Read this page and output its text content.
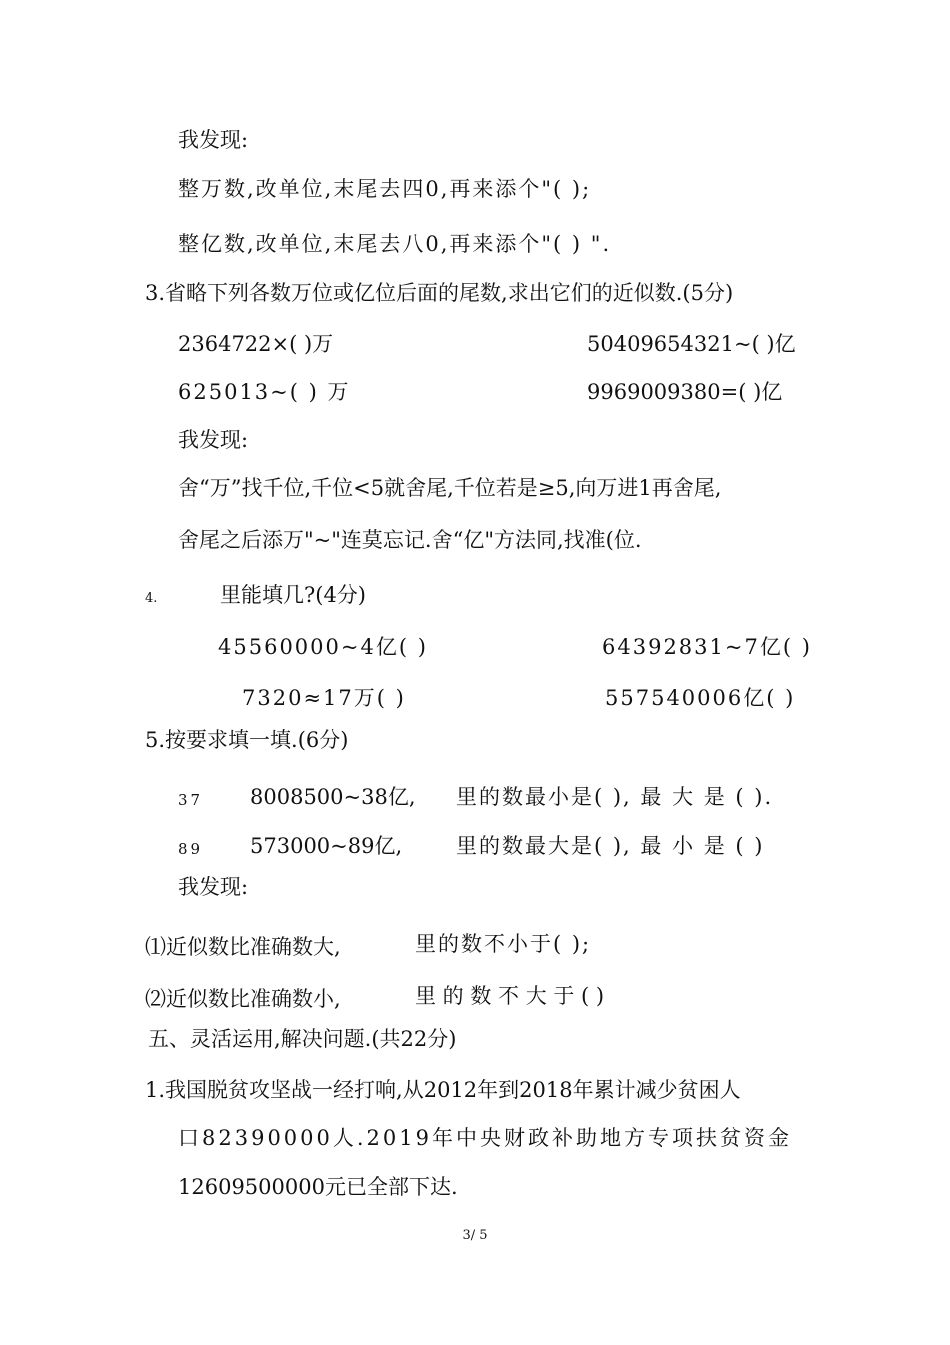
我发现:
整万数,改单位,末尾去四0,再来添个"( );
整亿数,改单位,末尾去八0,再来添个"( ) ".
3.省略下列各数万位或亿位后面的尾数,求出它们的近似数.(5分)
2364722×( )万	50409654321~( )亿
625013~( ) 万	9969009380=( )亿
我发现:
舍“万”找千位,千位<5就舍尾,千位若是≥5,向万进1再舍尾,
舍尾之后添万"~"连莫忘记.舍“亿"方法同,找准(位.
4.	里能填几?(4分)
45560000~4亿( )	64392831~7亿( )
7320≈17万( )	557540006亿( )
5.按要求填一填.(6分)
37 8008500~38亿, 里的数最小是( ), 最 大 是 ( ).
89 573000~89亿,	里的数最大是( ), 最 小 是 ( )
我发现:
⑴近似数比准确数大,	里的数不小于( );
⑵近似数比准确数小,	里 的 数 不 大 于 ( )
五、灵活运用,解决问题.(共22分)
1.我国脱贫攻坚战一经打响,从2012年到2018年累计减少贫困人
口82390000人.2019年中央财政补助地方专项扶贫资金
12609500000元已全部下达.
3/ 5
